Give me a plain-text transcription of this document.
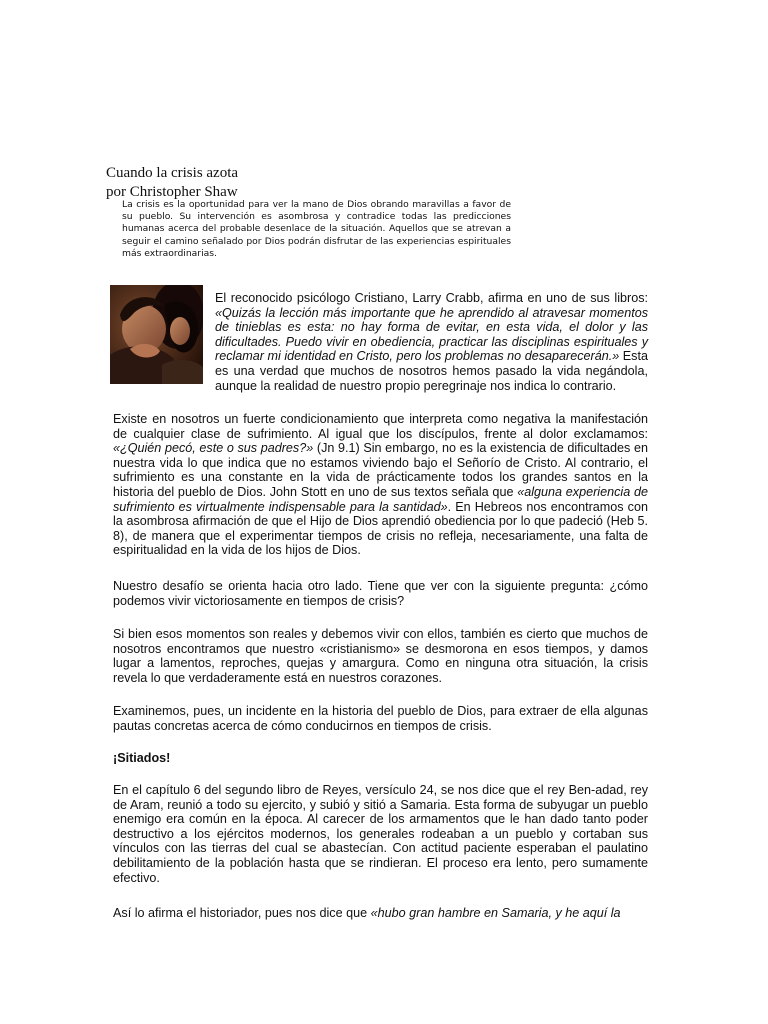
Cuando la crisis azota
por Christopher Shaw
La crisis es la oportunidad para ver la mano de Dios obrando maravillas a favor de su pueblo. Su intervención es asombrosa y contradice todas las predicciones humanas acerca del probable desenlace de la situación. Aquellos que se atrevan a seguir el camino señalado por Dios podrán disfrutar de las experiencias espirituales más extraordinarias.
El reconocido psicólogo Cristiano, Larry Crabb, afirma en uno de sus libros: «Quizás la lección más importante que he aprendido al atravesar momentos de tinieblas es esta: no hay forma de evitar, en esta vida, el dolor y las dificultades. Puedo vivir en obediencia, practicar las disciplinas espirituales y reclamar mi identidad en Cristo, pero los problemas no desaparecerán.» Esta es una verdad que muchos de nosotros hemos pasado la vida negándola, aunque la realidad de nuestro propio peregrinaje nos indica lo contrario.

Existe en nosotros un fuerte condicionamiento que interpreta como negativa la manifestación de cualquier clase de sufrimiento. Al igual que los discípulos, frente al dolor exclamamos: «¿Quién pecó, este o sus padres?» (Jn 9.1) Sin embargo, no es la existencia de dificultades en nuestra vida lo que indica que no estamos viviendo bajo el Señorío de Cristo. Al contrario, el sufrimiento es una constante en la vida de prácticamente todos los grandes santos en la historia del pueblo de Dios. John Stott en uno de sus textos señala que «alguna experiencia de sufrimiento es virtualmente indispensable para la santidad». En Hebreos nos encontramos con la asombrosa afirmación de que el Hijo de Dios aprendió obediencia por lo que padeció (Heb 5. 8), de manera que el experimentar tiempos de crisis no refleja, necesariamente, una falta de espiritualidad en la vida de los hijos de Dios.

Nuestro desafío se orienta hacia otro lado. Tiene que ver con la siguiente pregunta: ¿cómo podemos vivir victoriosamente en tiempos de crisis?

Si bien esos momentos son reales y debemos vivir con ellos, también es cierto que muchos de nosotros encontramos que nuestro «cristianismo» se desmorona en esos tiempos, y damos lugar a lamentos, reproches, quejas y amargura. Como en ninguna otra situación, la crisis revela lo que verdaderamente está en nuestros corazones.

Examinemos, pues, un incidente en la historia del pueblo de Dios, para extraer de ella algunas pautas concretas acerca de cómo conducirnos en tiempos de crisis.

¡Sitiados!

En el capítulo 6 del segundo libro de Reyes, versículo 24, se nos dice que el rey Ben-adad, rey de Aram, reunió a todo su ejercito, y subió y sitió a Samaria. Esta forma de subyugar un pueblo enemigo era común en la época. Al carecer de los armamentos que le han dado tanto poder destructivo a los ejércitos modernos, los generales rodeaban a un pueblo y cortaban sus vínculos con las tierras del cual se abastecían. Con actitud paciente esperaban el paulatino debilitamiento de la población hasta que se rindieran. El proceso era lento, pero sumamente efectivo.

Así lo afirma el historiador, pues nos dice que «hubo gran hambre en Samaria, y he aquí la
